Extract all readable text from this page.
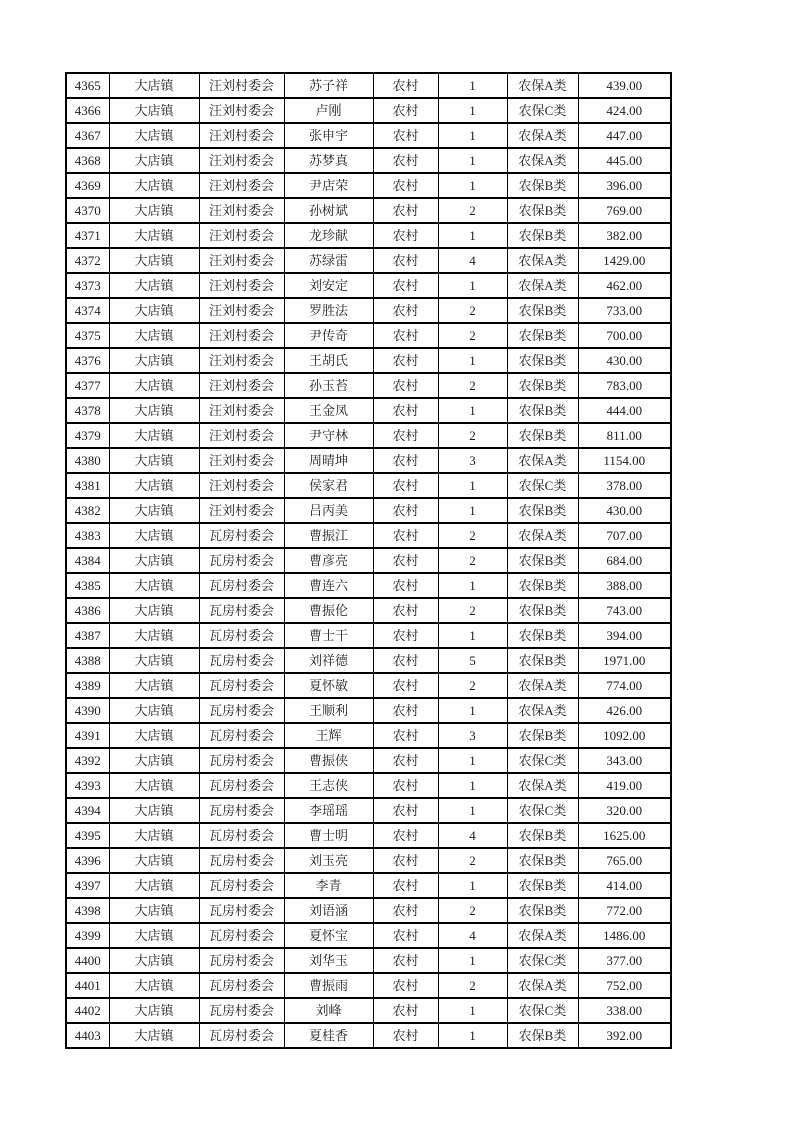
4365	大店镇	汪刘村委会	苏子祥	农村	1	农保A类	439.00
4366	大店镇	汪刘村委会	卢刚	农村	1	农保C类	424.00
4367	大店镇	汪刘村委会	张申宇	农村	1	农保A类	447.00
4368	大店镇	汪刘村委会	苏梦真	农村	1	农保A类	445.00
4369	大店镇	汪刘村委会	尹店荣	农村	1	农保B类	396.00
4370	大店镇	汪刘村委会	孙树斌	农村	2	农保B类	769.00
4371	大店镇	汪刘村委会	龙珍献	农村	1	农保B类	382.00
4372	大店镇	汪刘村委会	苏绿雷	农村	4	农保A类	1429.00
4373	大店镇	汪刘村委会	刘安定	农村	1	农保A类	462.00
4374	大店镇	汪刘村委会	罗胜法	农村	2	农保B类	733.00
4375	大店镇	汪刘村委会	尹传奇	农村	2	农保B类	700.00
4376	大店镇	汪刘村委会	王胡氏	农村	1	农保B类	430.00
4377	大店镇	汪刘村委会	孙玉苔	农村	2	农保B类	783.00
4378	大店镇	汪刘村委会	王金凤	农村	1	农保B类	444.00
4379	大店镇	汪刘村委会	尹守林	农村	2	农保B类	811.00
4380	大店镇	汪刘村委会	周晴坤	农村	3	农保A类	1154.00
4381	大店镇	汪刘村委会	侯家君	农村	1	农保C类	378.00
4382	大店镇	汪刘村委会	吕丙美	农村	1	农保B类	430.00
4383	大店镇	瓦房村委会	曹振江	农村	2	农保A类	707.00
4384	大店镇	瓦房村委会	曹彦亮	农村	2	农保B类	684.00
4385	大店镇	瓦房村委会	曹连六	农村	1	农保B类	388.00
4386	大店镇	瓦房村委会	曹振伦	农村	2	农保B类	743.00
4387	大店镇	瓦房村委会	曹士干	农村	1	农保B类	394.00
4388	大店镇	瓦房村委会	刘祥德	农村	5	农保B类	1971.00
4389	大店镇	瓦房村委会	夏怀敏	农村	2	农保A类	774.00
4390	大店镇	瓦房村委会	王顺利	农村	1	农保A类	426.00
4391	大店镇	瓦房村委会	王辉	农村	3	农保B类	1092.00
4392	大店镇	瓦房村委会	曹振侠	农村	1	农保C类	343.00
4393	大店镇	瓦房村委会	王志侠	农村	1	农保A类	419.00
4394	大店镇	瓦房村委会	李瑶瑶	农村	1	农保C类	320.00
4395	大店镇	瓦房村委会	曹士明	农村	4	农保B类	1625.00
4396	大店镇	瓦房村委会	刘玉亮	农村	2	农保B类	765.00
4397	大店镇	瓦房村委会	李青	农村	1	农保B类	414.00
4398	大店镇	瓦房村委会	刘语涵	农村	2	农保B类	772.00
4399	大店镇	瓦房村委会	夏怀宝	农村	4	农保A类	1486.00
4400	大店镇	瓦房村委会	刘华玉	农村	1	农保C类	377.00
4401	大店镇	瓦房村委会	曹振雨	农村	2	农保A类	752.00
4402	大店镇	瓦房村委会	刘峰	农村	1	农保C类	338.00
4403	大店镇	瓦房村委会	夏桂香	农村	1	农保B类	392.00
